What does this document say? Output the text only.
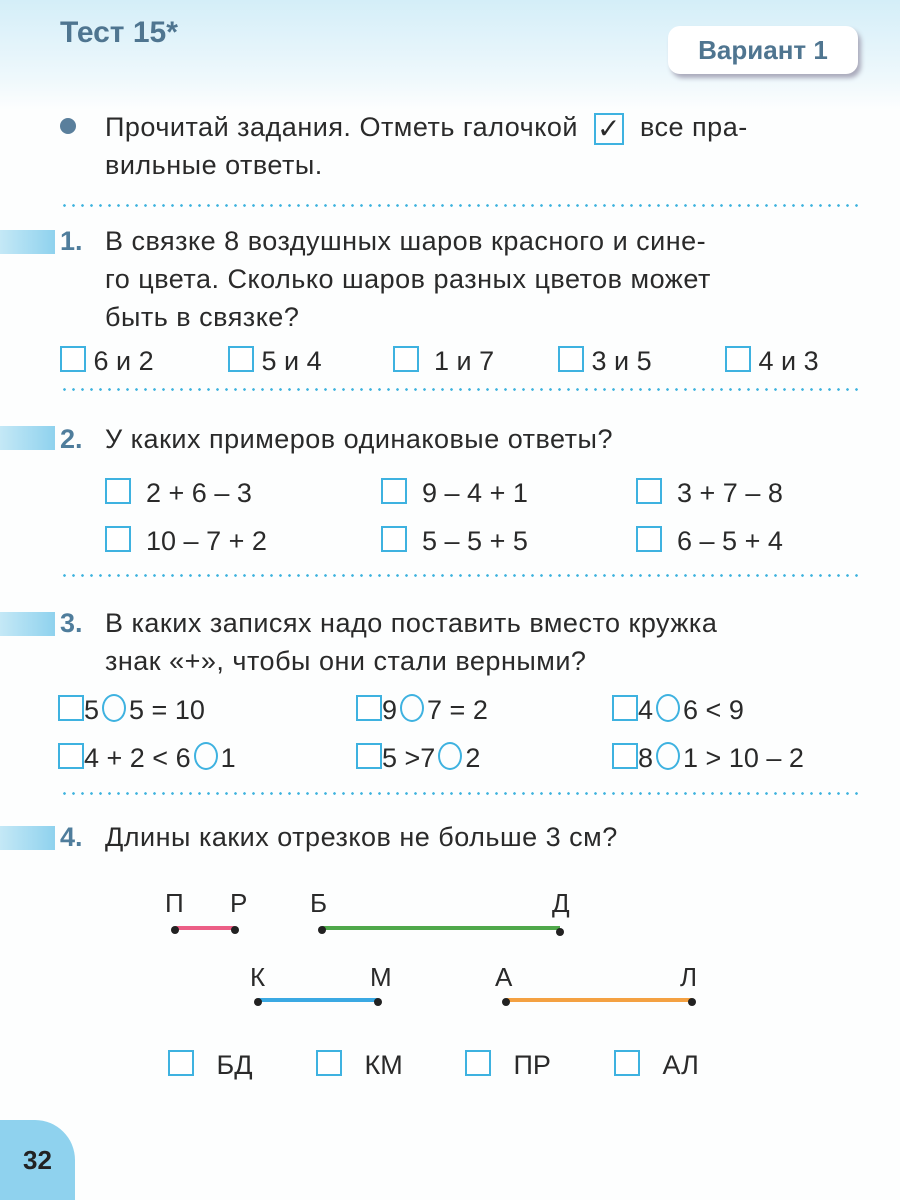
Тест 15*
Вариант 1
Прочитай задания. Отметь галочкой ✓ все пра-
вильные ответы.
1. В связке 8 воздушных шаров красного и сине-
го цвета. Сколько шаров разных цветов может
быть в связке?
6 и 2	5 и 4	1 и 7	3 и 5	4 и 3
2. У каких примеров одинаковые ответы?
2 + 6 – 3	9 – 4 + 1	3 + 7 – 8
10 – 7 + 2	5 – 5 + 5	6 – 5 + 4
3. В каких записях надо поставить вместо кружка
знак «+», чтобы они стали верными?
5 5 = 10	9 7 = 2	4 6 < 9
4 + 2 < 6 1	5 >7 2	8 1 > 10 – 2
4. Длины каких отрезков не больше 3 см?
П Р Б	Д
К	М	А	Л
БД	КМ	ПР	АЛ
32
